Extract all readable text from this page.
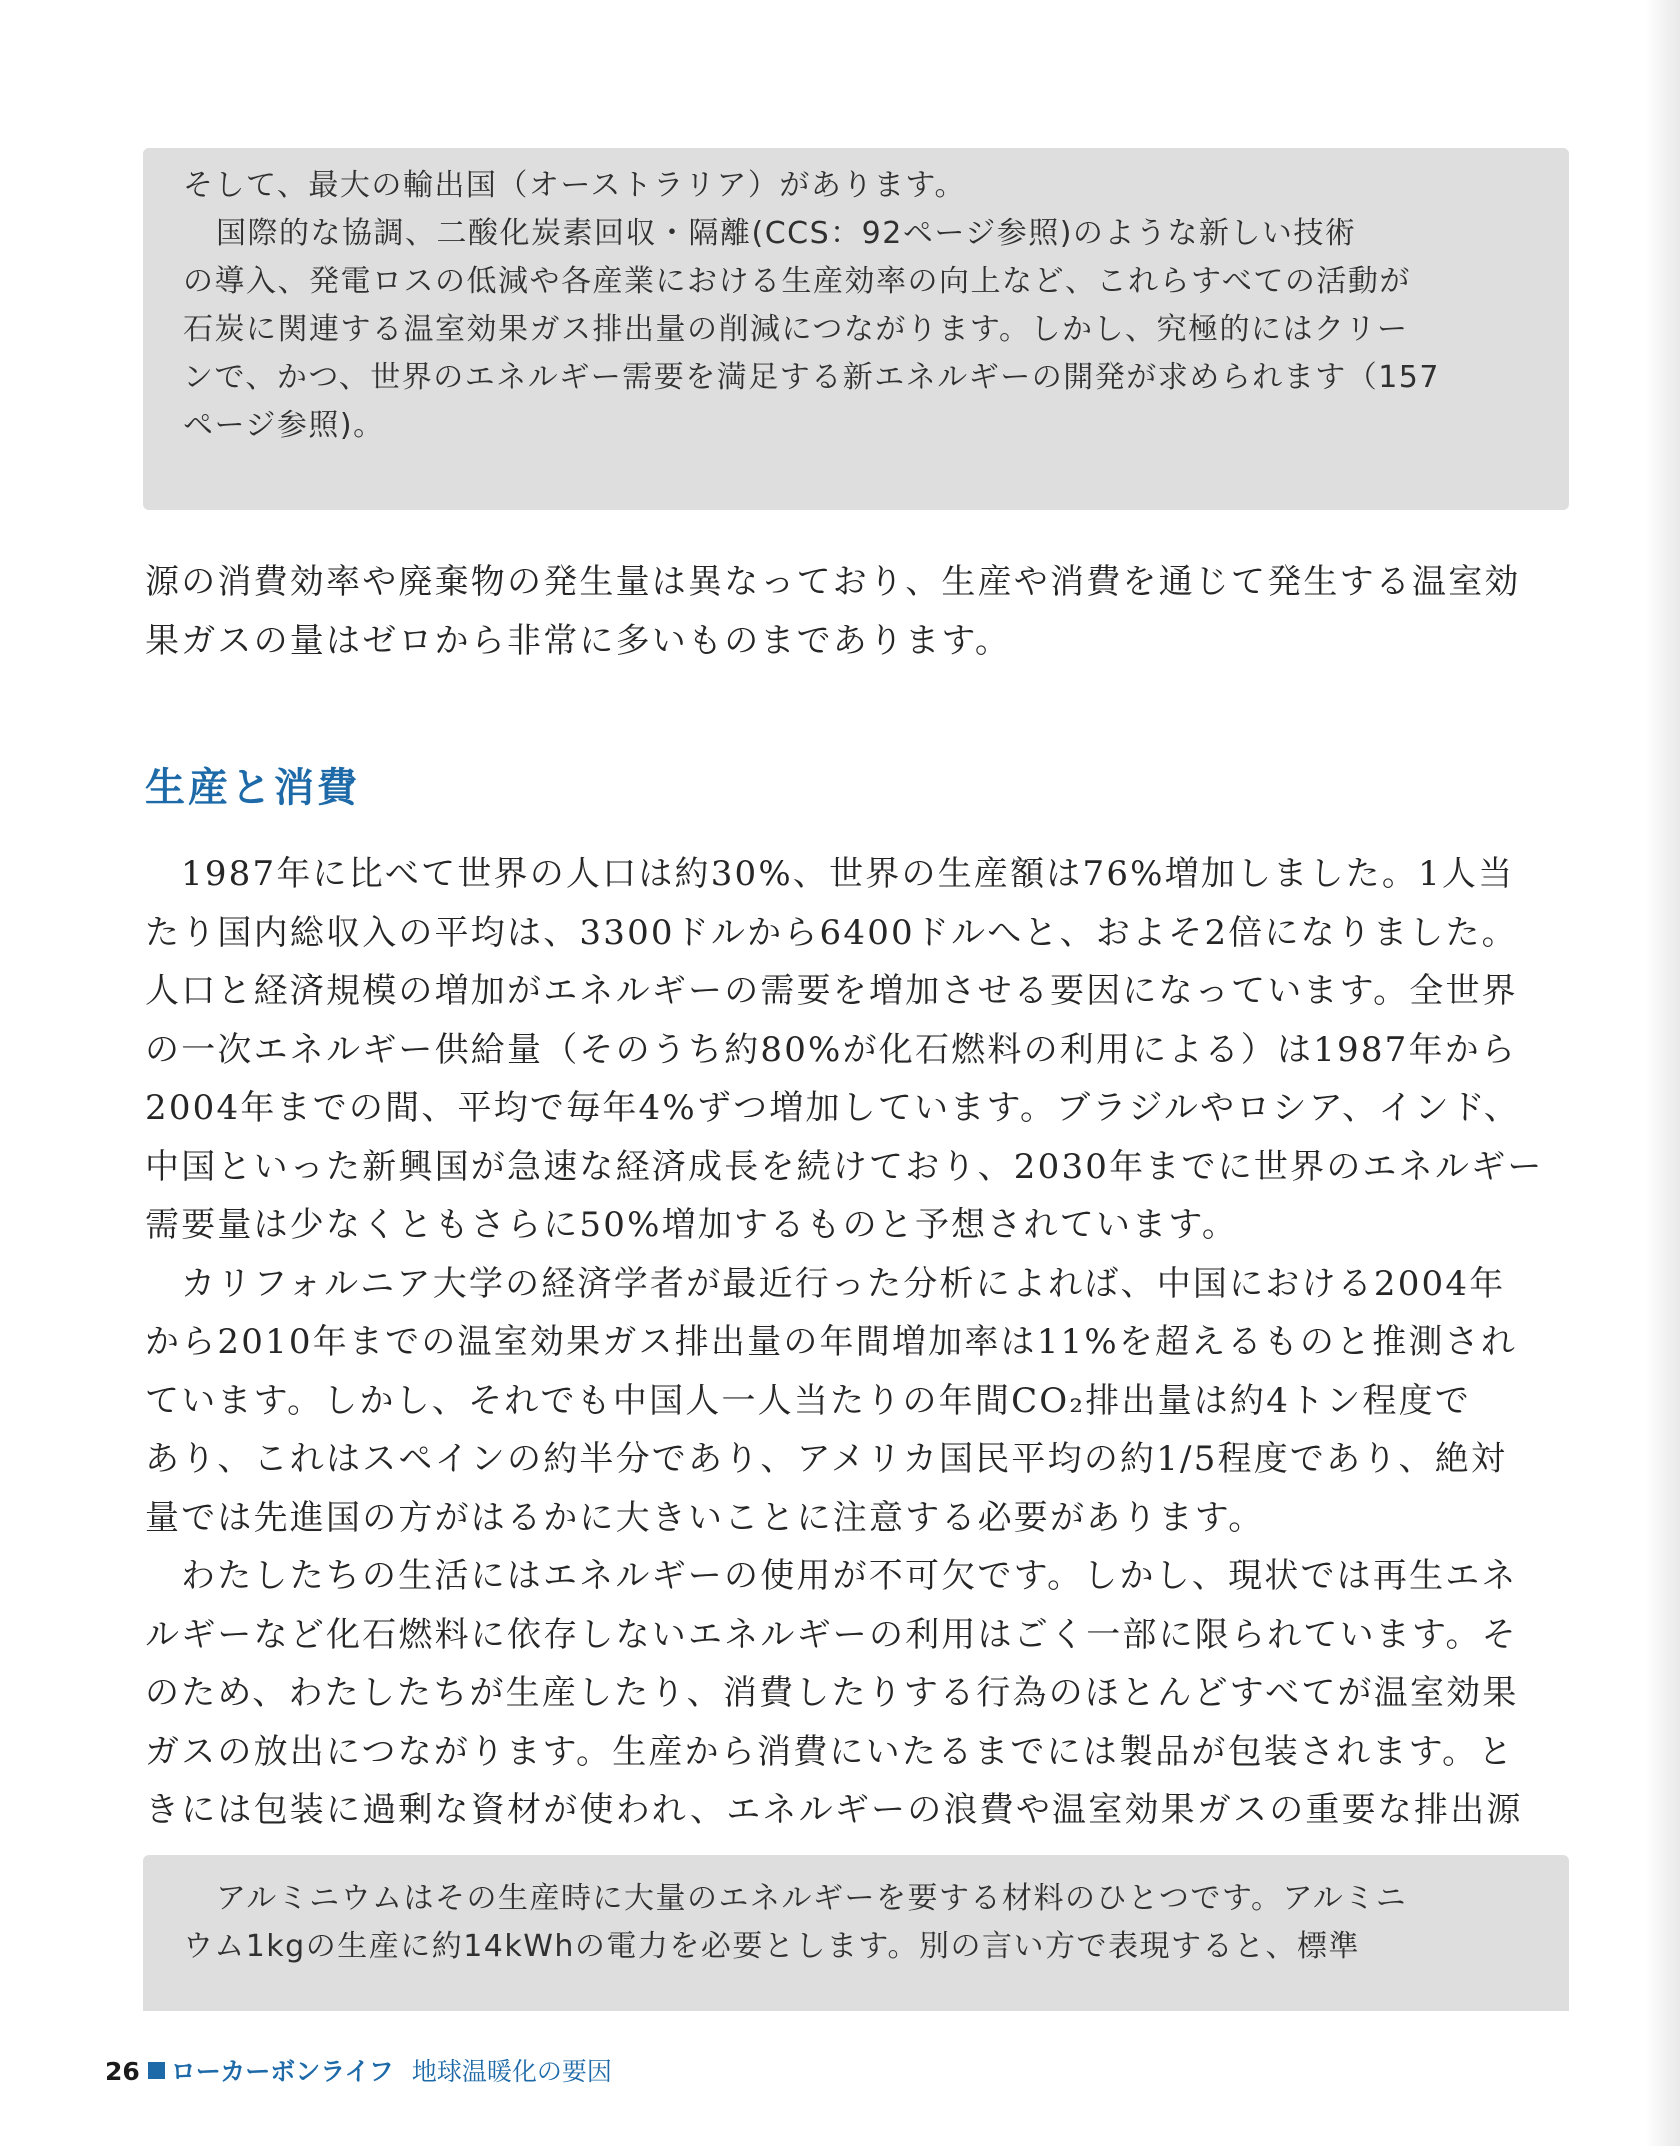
そして、最大の輸出国（オーストラリア）があります。
国際的な協調、二酸化炭素回収・隔離(CCS：92ページ参照)のような新しい技術
の導入、発電ロスの低減や各産業における生産効率の向上など、これらすべての活動が
石炭に関連する温室効果ガス排出量の削減につながります。しかし、究極的にはクリー
ンで、かつ、世界のエネルギー需要を満足する新エネルギーの開発が求められます（157
ページ参照)。
源の消費効率や廃棄物の発生量は異なっており、生産や消費を通じて発生する温室効
果ガスの量はゼロから非常に多いものまであります。
生産と消費
1987年に比べて世界の人口は約30%、世界の生産額は76%増加しました。1人当
たり国内総収入の平均は、3300ドルから6400ドルへと、およそ2倍になりました。
人口と経済規模の増加がエネルギーの需要を増加させる要因になっています。全世界
の一次エネルギー供給量（そのうち約80%が化石燃料の利用による）は1987年から
2004年までの間、平均で毎年4%ずつ増加しています。ブラジルやロシア、インド、
中国といった新興国が急速な経済成長を続けており、2030年までに世界のエネルギー
需要量は少なくともさらに50%増加するものと予想されています。
カリフォルニア大学の経済学者が最近行った分析によれば、中国における2004年
から2010年までの温室効果ガス排出量の年間増加率は11%を超えるものと推測され
ています。しかし、それでも中国人一人当たりの年間CO₂排出量は約4トン程度で
あり、これはスペインの約半分であり、アメリカ国民平均の約1/5程度であり、絶対
量では先進国の方がはるかに大きいことに注意する必要があります。
わたしたちの生活にはエネルギーの使用が不可欠です。しかし、現状では再生エネ
ルギーなど化石燃料に依存しないエネルギーの利用はごく一部に限られています。そ
のため、わたしたちが生産したり、消費したりする行為のほとんどすべてが温室効果
ガスの放出につながります。生産から消費にいたるまでには製品が包装されます。と
きには包装に過剰な資材が使われ、エネルギーの浪費や温室効果ガスの重要な排出源
アルミニウムはその生産時に大量のエネルギーを要する材料のひとつです。アルミニ
ウム1kgの生産に約14kWhの電力を必要とします。別の言い方で表現すると、標準
26 ローカーボンライフ 地球温暖化の要因
